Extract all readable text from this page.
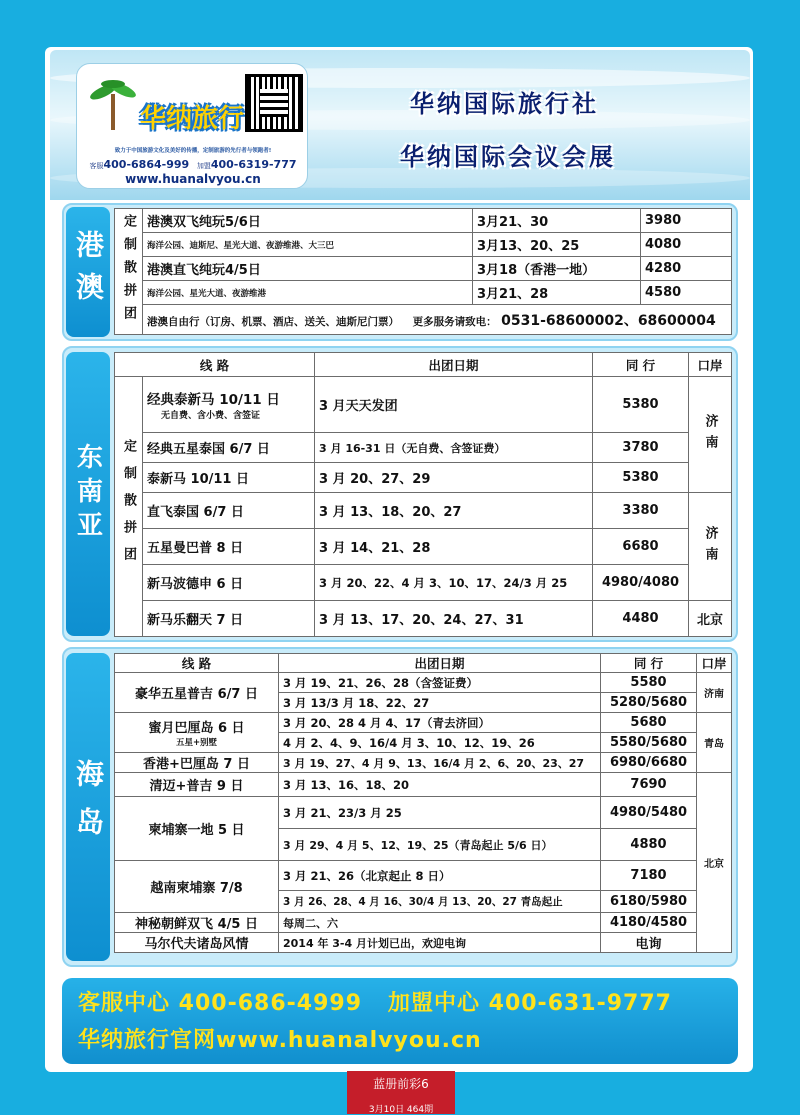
华纳旅行
致力于中国旅游文化及美好的传播，定制旅游的先行者与领跑者!
客服400-6864-999 加盟400-6319-777
www.huanalvyou.cn
华纳国际旅行社
华纳国际会议会展
港澳	定制散拼团	港澳双飞纯玩5/6日	3月21、30	3980
	海洋公园、迪斯尼、星光大道、夜游维港、大三巴	3月13、20、25	4080
	港澳直飞纯玩4/5日	3月18（香港一地）	4280
	海洋公园、星光大道、夜游维港	3月21、28	4580
	港澳自由行（订房、机票、酒店、送关、迪斯尼门票） 更多服务请致电： 0531-68600002、68600004		
东南亚
线 路		出团日期	同 行	口岸
定制散拼团	经典泰新马 10/11 日
无自费、含小费、含签证	3 月天天发团	5380	济南
	经典五星泰国 6/7 日	3 月 16-31 日（无自费、含签证费）	3780	
	泰新马 10/11 日	3 月 20、27、29	5380	
	直飞泰国 6/7 日	3 月 13、18、20、27	3380	济南
	五星曼巴普 8 日	3 月 14、21、28	6680	
	新马波德申 6 日	3 月 20、22、4 月 3、10、17、24/3 月 25	4980/4080	
	新马乐翻天 7 日	3 月 13、17、20、24、27、31	4480	北京
海岛
线 路	出团日期	同 行	口岸
豪华五星普吉 6/7 日	3 月 19、21、26、28（含签证费）	5580	济南
	3 月 13/3 月 18、22、27	5280/5680	

蜜月巴厘岛 6 日
五星+别墅	3 月 20、28 4 月 4、17（青去济回）	5680	青岛
	4 月 2、4、9、16/4 月 3、10、12、19、26	5580/5680	
香港+巴厘岛 7 日	3 月 19、27、4 月 9、13、16/4 月 2、6、20、23、27	6980/6680	
清迈+普吉 9 日	3 月 13、16、18、20	7690	北京
柬埔寨一地 5 日	3 月 21、23/3 月 25	4980/5480	
	3 月 29、4 月 5、12、19、25（青岛起止 5/6 日）	4880	
越南柬埔寨 7/8	3 月 21、26（北京起止 8 日）	7180	
	3 月 26、28、4 月 16、30/4 月 13、20、27 青岛起止	6180/5980	
神秘朝鲜双飞 4/5 日	每周二、六	4180/4580	
马尔代夫诸岛风情	2014 年 3-4 月计划已出，欢迎电询	电询	
客服中心 400-686-4999   加盟中心 400-631-9777
华纳旅行官网www.huanalvyou.cn
蓝册前彩6
3月10日 464期
